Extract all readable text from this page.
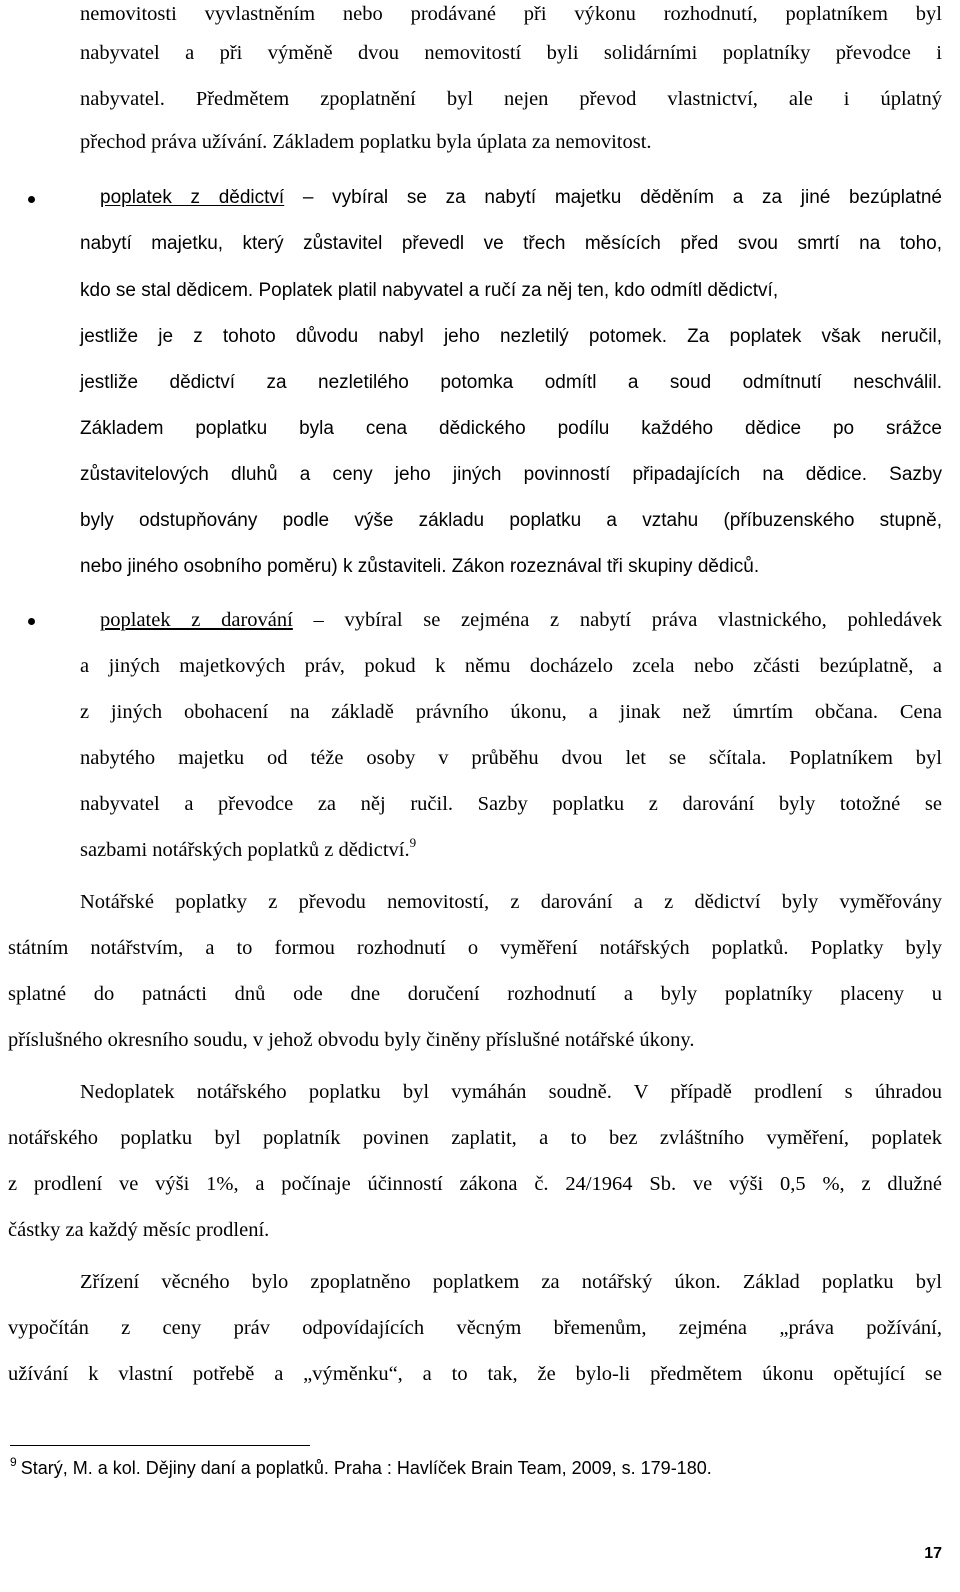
nemovitosti vyvlastněním nebo prodávané při výkonu rozhodnutí, poplatníkem byl
nabyvatel a při výměně dvou nemovitostí byli solidárními poplatníky převodce i
nabyvatel. Předmětem zpoplatnění byl nejen převod vlastnictví, ale i úplatný
přechod práva užívání. Základem poplatku byla úplata za nemovitost.
poplatek z dědictví – vybíral se za nabytí majetku děděním a za jiné bezúplatné
nabytí majetku, který zůstavitel převedl ve třech měsících před svou smrtí na toho,
kdo se stal dědicem. Poplatek platil nabyvatel a ručí za něj ten, kdo odmítl dědictví,
jestliže je z tohoto důvodu nabyl jeho nezletilý potomek. Za poplatek však neručil,
jestliže dědictví za nezletilého potomka odmítl a soud odmítnutí neschválil.
Základem poplatku byla cena dědického podílu každého dědice po srážce
zůstavitelových dluhů a ceny jeho jiných povinností připadajících na dědice. Sazby
byly odstupňovány podle výše základu poplatku a vztahu (příbuzenského stupně,
nebo jiného osobního poměru) k zůstaviteli. Zákon rozeznával tři skupiny dědiců.
poplatek z darování – vybíral se zejména z nabytí práva vlastnického, pohledávek
a jiných majetkových práv, pokud k němu docházelo zcela nebo zčásti bezúplatně, a
z jiných obohacení na základě právního úkonu, a jinak než úmrtím občana. Cena
nabytého majetku od téže osoby v průběhu dvou let se sčítala. Poplatníkem byl
nabyvatel a převodce za něj ručil. Sazby poplatku z darování byly totožné se
sazbami notářských poplatků z dědictví.$^9$
Notářské poplatky z převodu nemovitostí, z darování a z dědictví byly vyměřovány
státním notářstvím, a to formou rozhodnutí o vyměření notářských poplatků. Poplatky byly
splatné do patnácti dnů ode dne doručení rozhodnutí a byly poplatníky placeny u
příslušného okresního soudu, v jehož obvodu byly činěny příslušné notářské úkony.
Nedoplatek notářského poplatku byl vymáhán soudně. V případě prodlení s úhradou
notářského poplatku byl poplatník povinen zaplatit, a to bez zvláštního vyměření, poplatek
z prodlení ve výši 1%, a počínaje účinností zákona č. 24/1964 Sb. ve výši 0,5 %, z dlužné
částky za každý měsíc prodlení.
Zřízení věcného bylo zpoplatněno poplatkem za notářský úkon. Základ poplatku byl
vypočítán z ceny práv odpovídajících věcným břemenům, zejména „práva požívání,
užívání k vlastní potřebě a „výměnku“, a to tak, že bylo-li předmětem úkonu opětující se
$^9$ Starý, M. a kol. Dějiny daní a poplatků. Praha : Havlíček Brain Team, 2009, s. 179-180.
17
